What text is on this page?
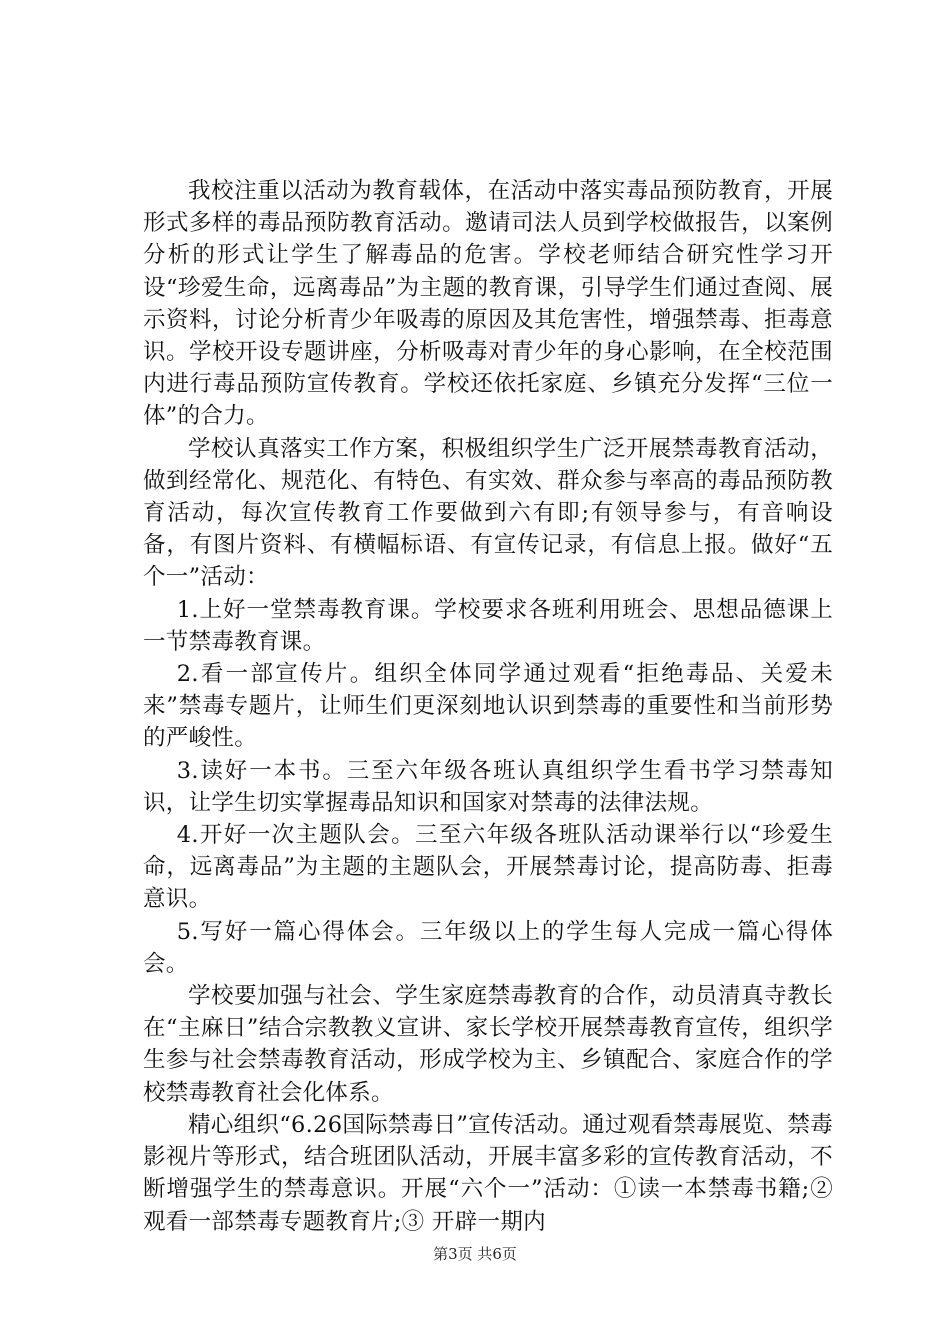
我校注重以活动为教育载体，在活动中落实毒品预防教育，开展形式多样的毒品预防教育活动。邀请司法人员到学校做报告，以案例分析的形式让学生了解毒品的危害。学校老师结合研究性学习开设“珍爱生命，远离毒品”为主题的教育课，引导学生们通过查阅、展示资料，讨论分析青少年吸毒的原因及其危害性，增强禁毒、拒毒意识。学校开设专题讲座，分析吸毒对青少年的身心影响，在全校范围内进行毒品预防宣传教育。学校还依托家庭、乡镇充分发挥“三位一体”的合力。

学校认真落实工作方案，积极组织学生广泛开展禁毒教育活动，做到经常化、规范化、有特色、有实效、群众参与率高的毒品预防教育活动，每次宣传教育工作要做到六有即;有领导参与，有音响设备，有图片资料、有横幅标语、有宣传记录，有信息上报。做好“五个一”活动：

1.上好一堂禁毒教育课。学校要求各班利用班会、思想品德课上一节禁毒教育课。

2.看一部宣传片。组织全体同学通过观看“拒绝毒品、关爱未来”禁毒专题片，让师生们更深刻地认识到禁毒的重要性和当前形势的严峻性。

3.读好一本书。三至六年级各班认真组织学生看书学习禁毒知识，让学生切实掌握毒品知识和国家对禁毒的法律法规。

4.开好一次主题队会。三至六年级各班队活动课举行以“珍爱生命，远离毒品”为主题的主题队会，开展禁毒讨论，提高防毒、拒毒意识。

5.写好一篇心得体会。三年级以上的学生每人完成一篇心得体会。

学校要加强与社会、学生家庭禁毒教育的合作，动员清真寺教长在“主麻日”结合宗教教义宣讲、家长学校开展禁毒教育宣传，组织学生参与社会禁毒教育活动，形成学校为主、乡镇配合、家庭合作的学校禁毒教育社会化体系。

精心组织“6.26国际禁毒日”宣传活动。通过观看禁毒展览、禁毒影视片等形式，结合班团队活动，开展丰富多彩的宣传教育活动，不断增强学生的禁毒意识。开展“六个一”活动：①读一本禁毒书籍;② 观看一部禁毒专题教育片;③ 开辟一期内

第3页 共6页
